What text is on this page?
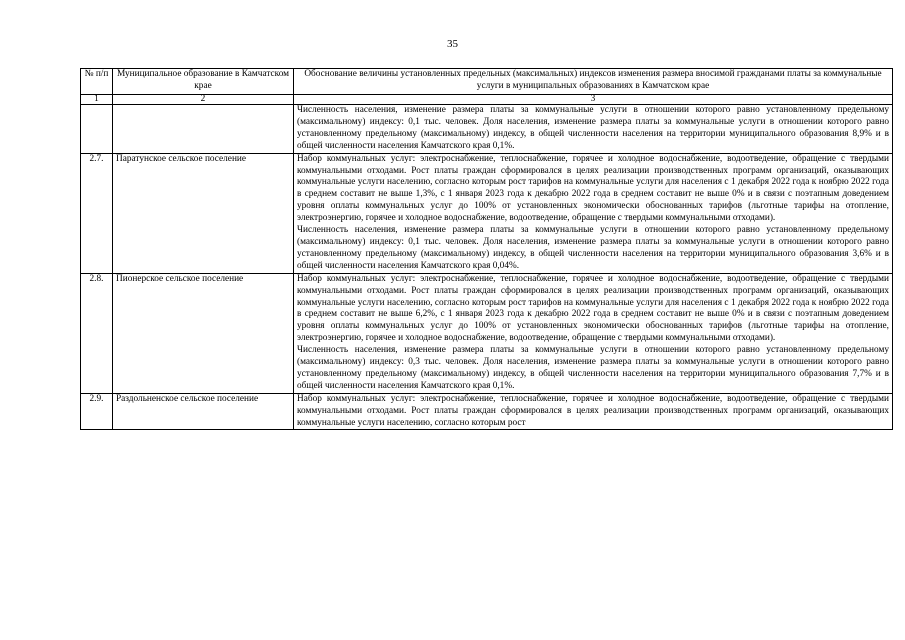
35
№ п/п	Муниципальное образование в Камчатском крае	Обоснование величины установленных предельных (максимальных) индексов изменения размера вносимой гражданами платы за коммунальные услуги в муниципальных образованиях в Камчатском крае
1	2	3

		Численность населения, изменение размера платы за коммунальные услуги в отношении которого равно установленному предельному (максимальному) индексу: 0,1 тыс. человек. Доля населения, изменение размера платы за коммунальные услуги в отношении которого равно установленному предельному (максимальному) индексу, в общей численности населения на территории муниципального образования 8,9% и в общей численности населения Камчатского края 0,1%.

2.7.	Паратунское сельское поселение	Набор коммунальных услуг: электроснабжение, теплоснабжение, горячее и холодное водоснабжение, водоотведение, обращение с твердыми коммунальными отходами. Рост платы граждан сформировался в целях реализации производственных программ организаций, оказывающих коммунальные услуги населению, согласно которым рост тарифов на коммунальные услуги для населения с 1 декабря 2022 года к ноябрю 2022 года в среднем составит не выше 1,3%, с 1 января 2023 года к декабрю 2022 года в среднем составит не выше 0% и в связи с поэтапным доведением уровня оплаты коммунальных услуг до 100% от установленных экономически обоснованных тарифов (льготные тарифы на отопление, электроэнергию, горячее и холодное водоснабжение, водоотведение, обращение с твердыми коммунальными отходами).

Численность населения, изменение размера платы за коммунальные услуги в отношении которого равно установленному предельному (максимальному) индексу: 0,1 тыс. человек. Доля населения, изменение размера платы за коммунальные услуги в отношении которого равно установленному предельному (максимальному) индексу, в общей численности населения на территории муниципального образования 3,6% и в общей численности населения Камчатского края 0,04%.

2.8.	Пионерское сельское поселение	Набор коммунальных услуг: электроснабжение, теплоснабжение, горячее и холодное водоснабжение, водоотведение, обращение с твердыми коммунальными отходами. Рост платы граждан сформировался в целях реализации производственных программ организаций, оказывающих коммунальные услуги населению, согласно которым рост тарифов на коммунальные услуги для населения с 1 декабря 2022 года к ноябрю 2022 года в среднем составит не выше 6,2%, с 1 января 2023 года к декабрю 2022 года в среднем составит не выше 0% и в связи с поэтапным доведением уровня оплаты коммунальных услуг до 100% от установленных экономически обоснованных тарифов (льготные тарифы на отопление, электроэнергию, горячее и холодное водоснабжение, водоотведение, обращение с твердыми коммунальными отходами).

Численность населения, изменение размера платы за коммунальные услуги в отношении которого равно установленному предельному (максимальному) индексу: 0,3 тыс. человек. Доля населения, изменение размера платы за коммунальные услуги в отношении которого равно установленному предельному (максимальному) индексу, в общей численности населения на территории муниципального образования 7,7% и в общей численности населения Камчатского края 0,1%.

2.9.	Раздольненское сельское поселение	Набор коммунальных услуг: электроснабжение, теплоснабжение, горячее и холодное водоснабжение, водоотведение, обращение с твердыми коммунальными отходами. Рост платы граждан сформировался в целях реализации производственных программ организаций, оказывающих коммунальные услуги населению, согласно которым рост
